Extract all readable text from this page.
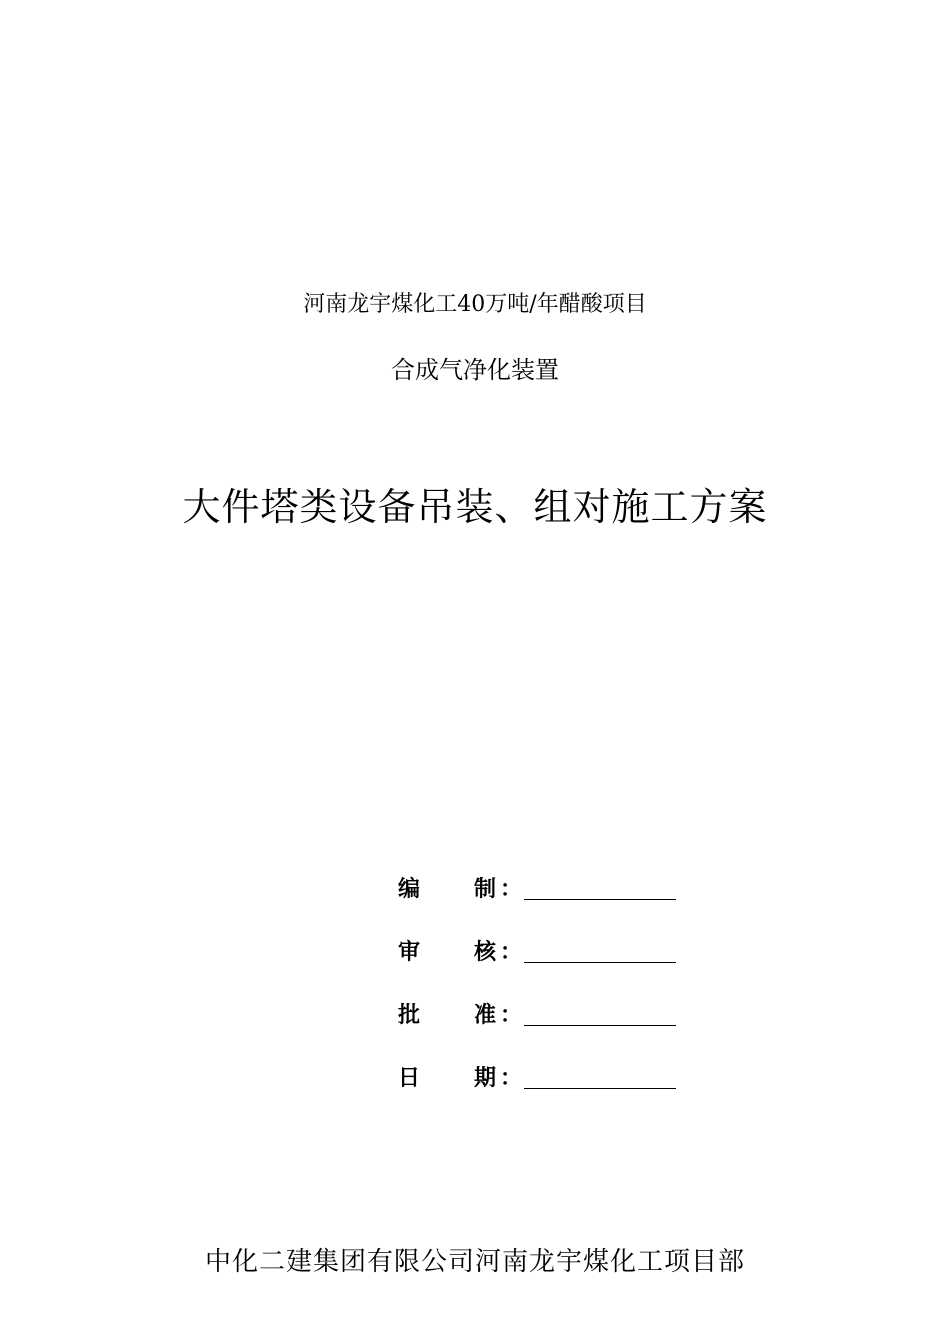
河南龙宇煤化工40万吨/年醋酸项目
合成气净化装置
大件塔类设备吊装、组对施工方案
编 制 ：
审 核 ：
批 准 ：
日 期 ：
中化二建集团有限公司河南龙宇煤化工项目部
